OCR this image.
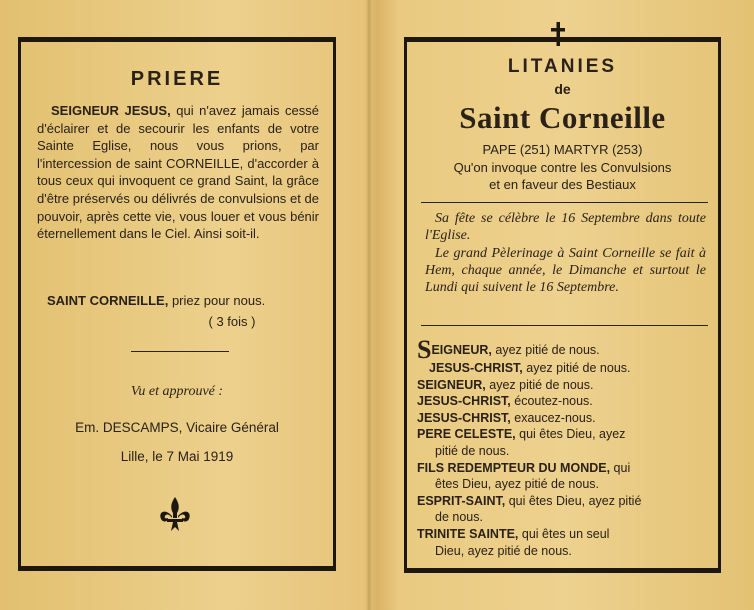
PRIERE
SEIGNEUR JESUS, qui n'avez jamais cessé d'éclairer et de secourir les enfants de votre Sainte Eglise, nous vous prions, par l'intercession de saint CORNEILLE, d'accorder à tous ceux qui invoquent ce grand Saint, la grâce d'être préservés ou délivrés de convulsions et de pouvoir, après cette vie, vous louer et vous bénir éternellement dans le Ciel. Ainsi soit-il.
SAINT CORNEILLE, priez pour nous.
( 3 fois )
Vu et approuvé :
Em. DESCAMPS, Vicaire Général
Lille, le 7 Mai 1919
LITANIES
de
Saint Corneille
PAPE (251) MARTYR (253)
Qu'on invoque contre les Convulsions
et en faveur des Bestiaux

Sa fête se célèbre le 16 Septembre dans toute l'Eglise.

Le grand Pèlerinage à Saint Corneille se fait à Hem, chaque année, le Dimanche et surtout le Lundi qui suivent le 16 Septembre.

SEIGNEUR, ayez pitié de nous.
JESUS-CHRIST, ayez pitié de nous.
SEIGNEUR, ayez pitié de nous.
JESUS-CHRIST, écoutez-nous.
JESUS-CHRIST, exaucez-nous.
PERE CELESTE, qui êtes Dieu, ayez
pitié de nous.
FILS REDEMPTEUR DU MONDE, qui
êtes Dieu, ayez pitié de nous.
ESPRIT-SAINT, qui êtes Dieu, ayez pitié
de nous.
TRINITE SAINTE, qui êtes un seul
Dieu, ayez pitié de nous.
